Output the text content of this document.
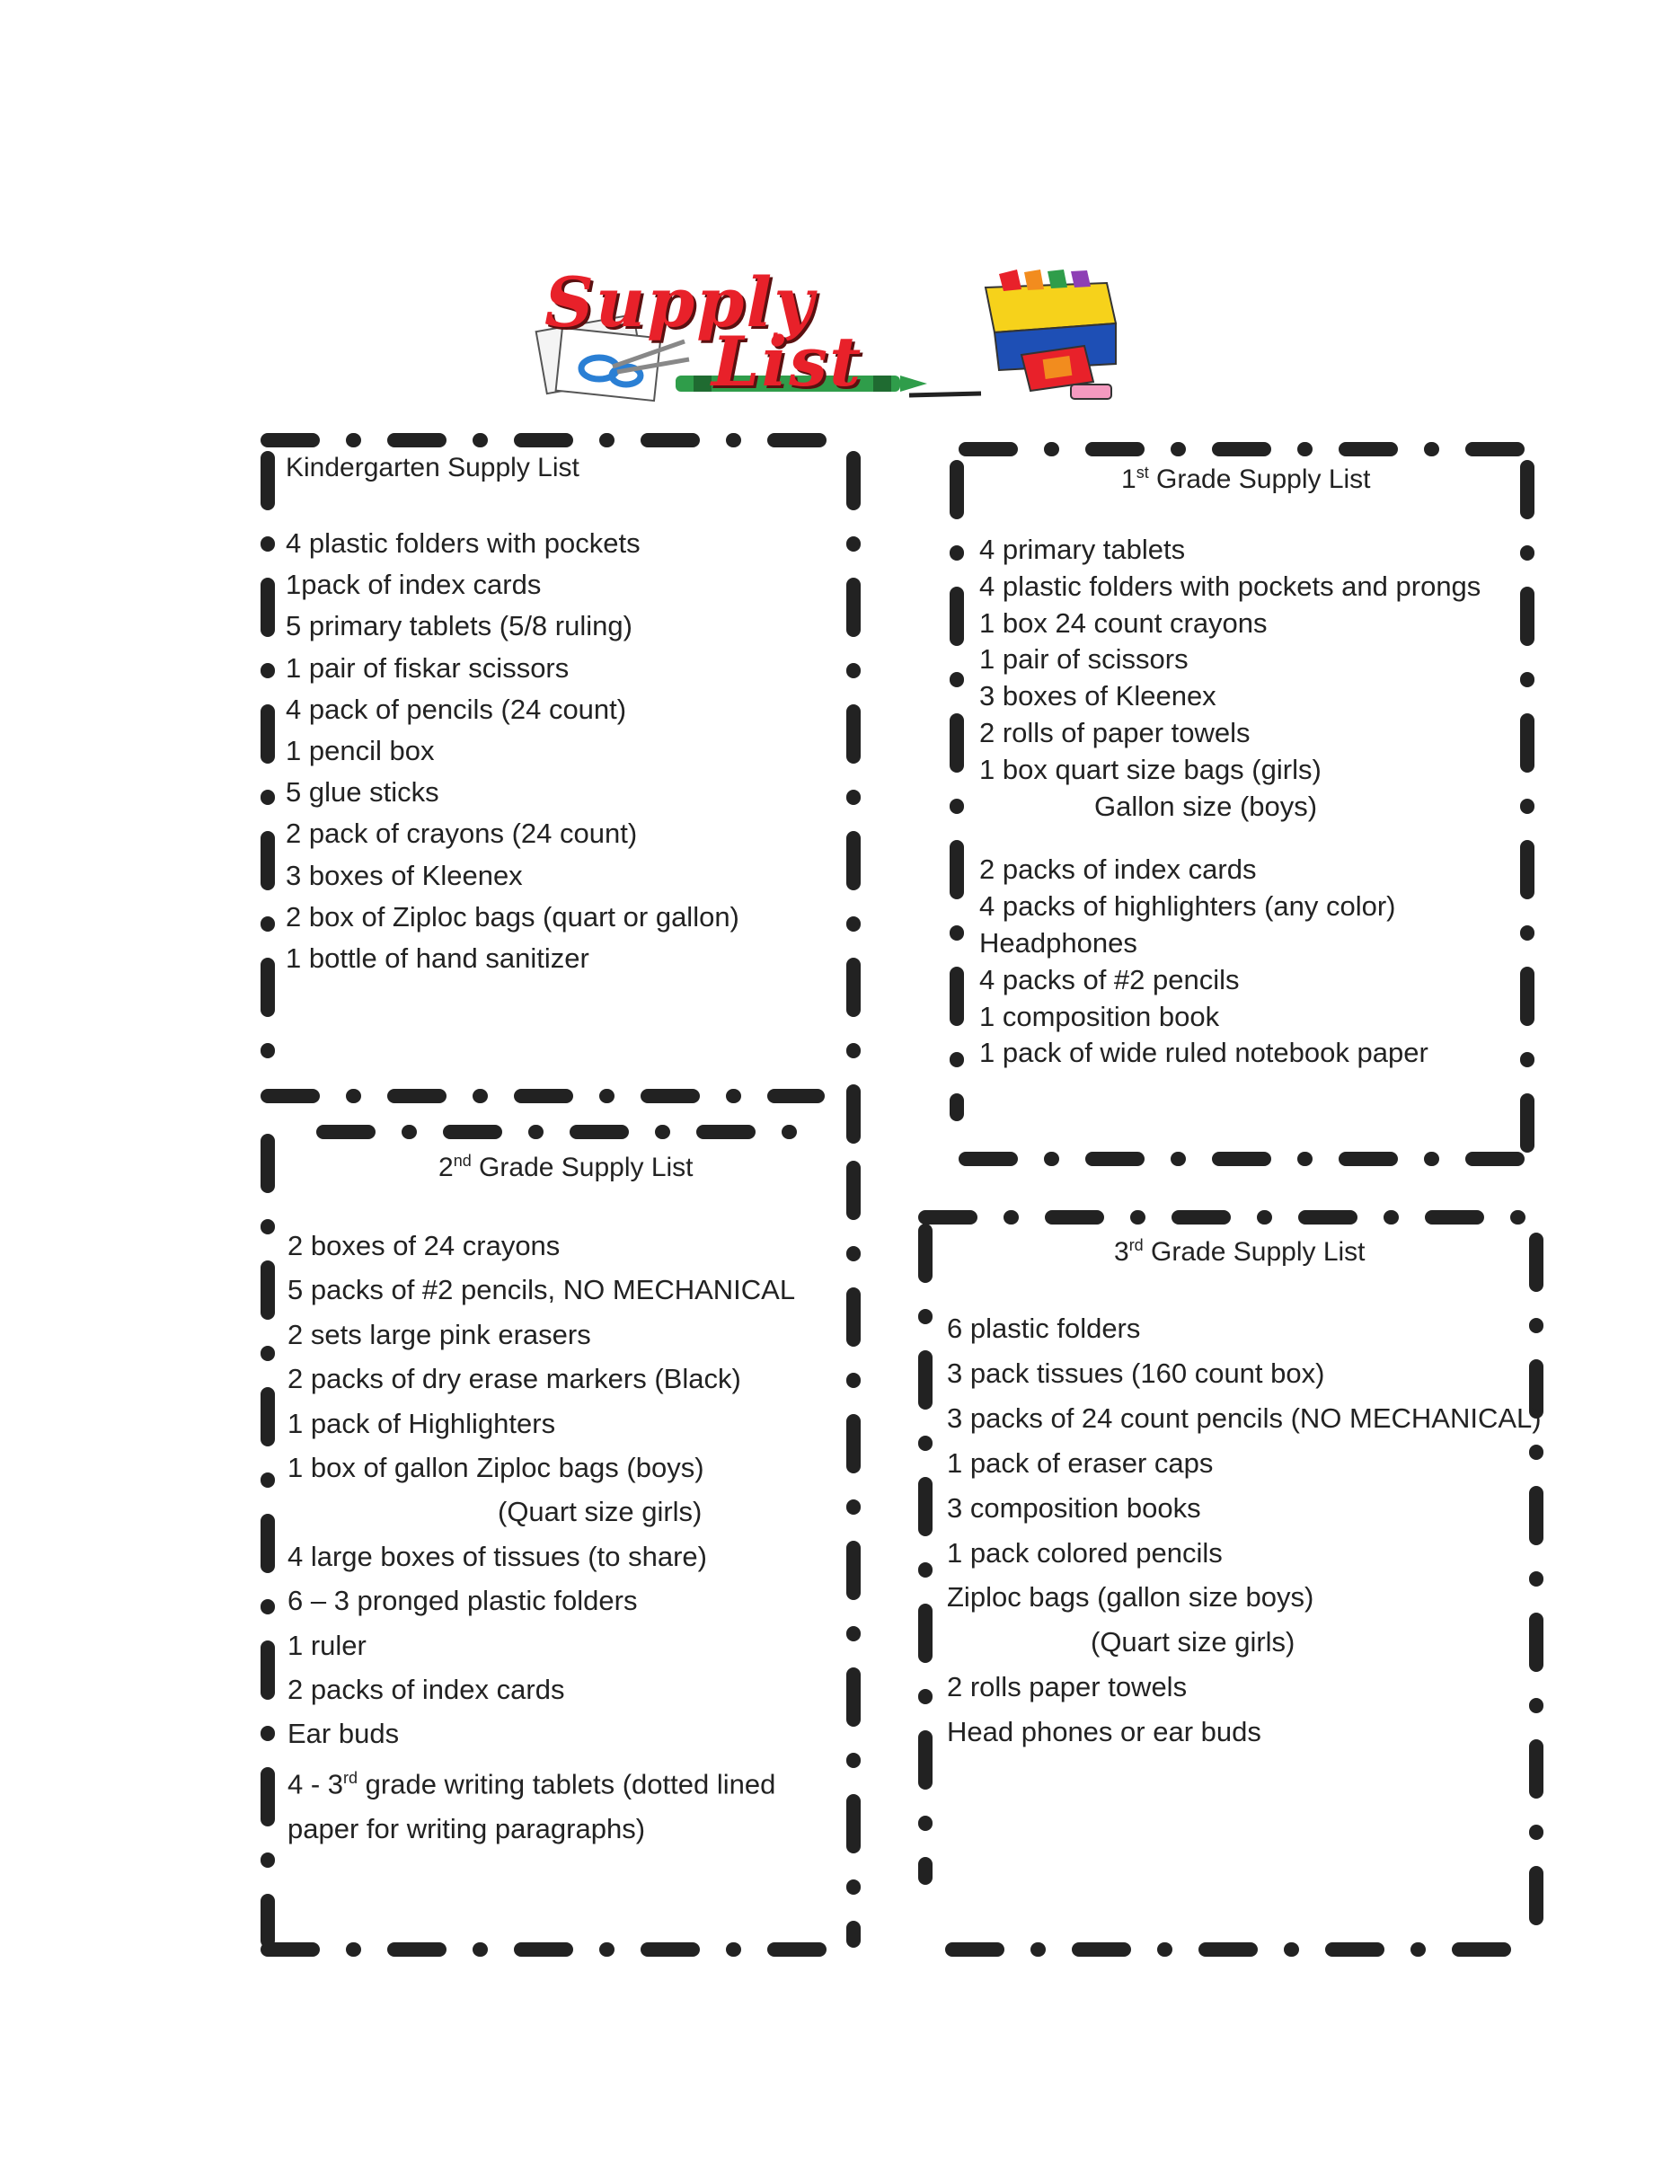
Supply
List
Kindergarten Supply List
4 plastic folders with pockets
1pack of index cards
5 primary tablets (5/8 ruling)
1 pair of fiskar scissors
4 pack of pencils (24 count)
1 pencil box
5 glue sticks
2 pack of crayons (24 count)
3 boxes of Kleenex
2 box of Ziploc bags (quart or gallon)
1 bottle of hand sanitizer
1st Grade Supply List
4 primary tablets
4 plastic folders with pockets and prongs
1 box 24 count crayons
1 pair of scissors
3 boxes of Kleenex
2 rolls of paper towels
1 box quart size bags (girls)
Gallon size (boys)
2 packs of index cards
4 packs of highlighters (any color)
Headphones
4 packs of #2 pencils
1 composition book
1 pack of wide ruled notebook paper
2nd Grade Supply List
2 boxes of 24 crayons
5 packs of #2 pencils, NO MECHANICAL
2 sets large pink erasers
2 packs of dry erase markers (Black)
1 pack of Highlighters
1 box of gallon Ziploc bags (boys)
(Quart size girls)
4 large boxes of tissues (to share)
6 – 3 pronged plastic folders
1 ruler
2 packs of index cards
Ear buds
4 - 3rd grade writing tablets (dotted lined
paper for writing paragraphs)
3rd Grade Supply List
6 plastic folders
3 pack tissues (160 count box)
3 packs of 24 count pencils (NO MECHANICAL)
1 pack of eraser caps
3 composition books
1 pack colored pencils
Ziploc bags (gallon size boys)
(Quart size girls)
2 rolls paper towels
Head phones or ear buds
